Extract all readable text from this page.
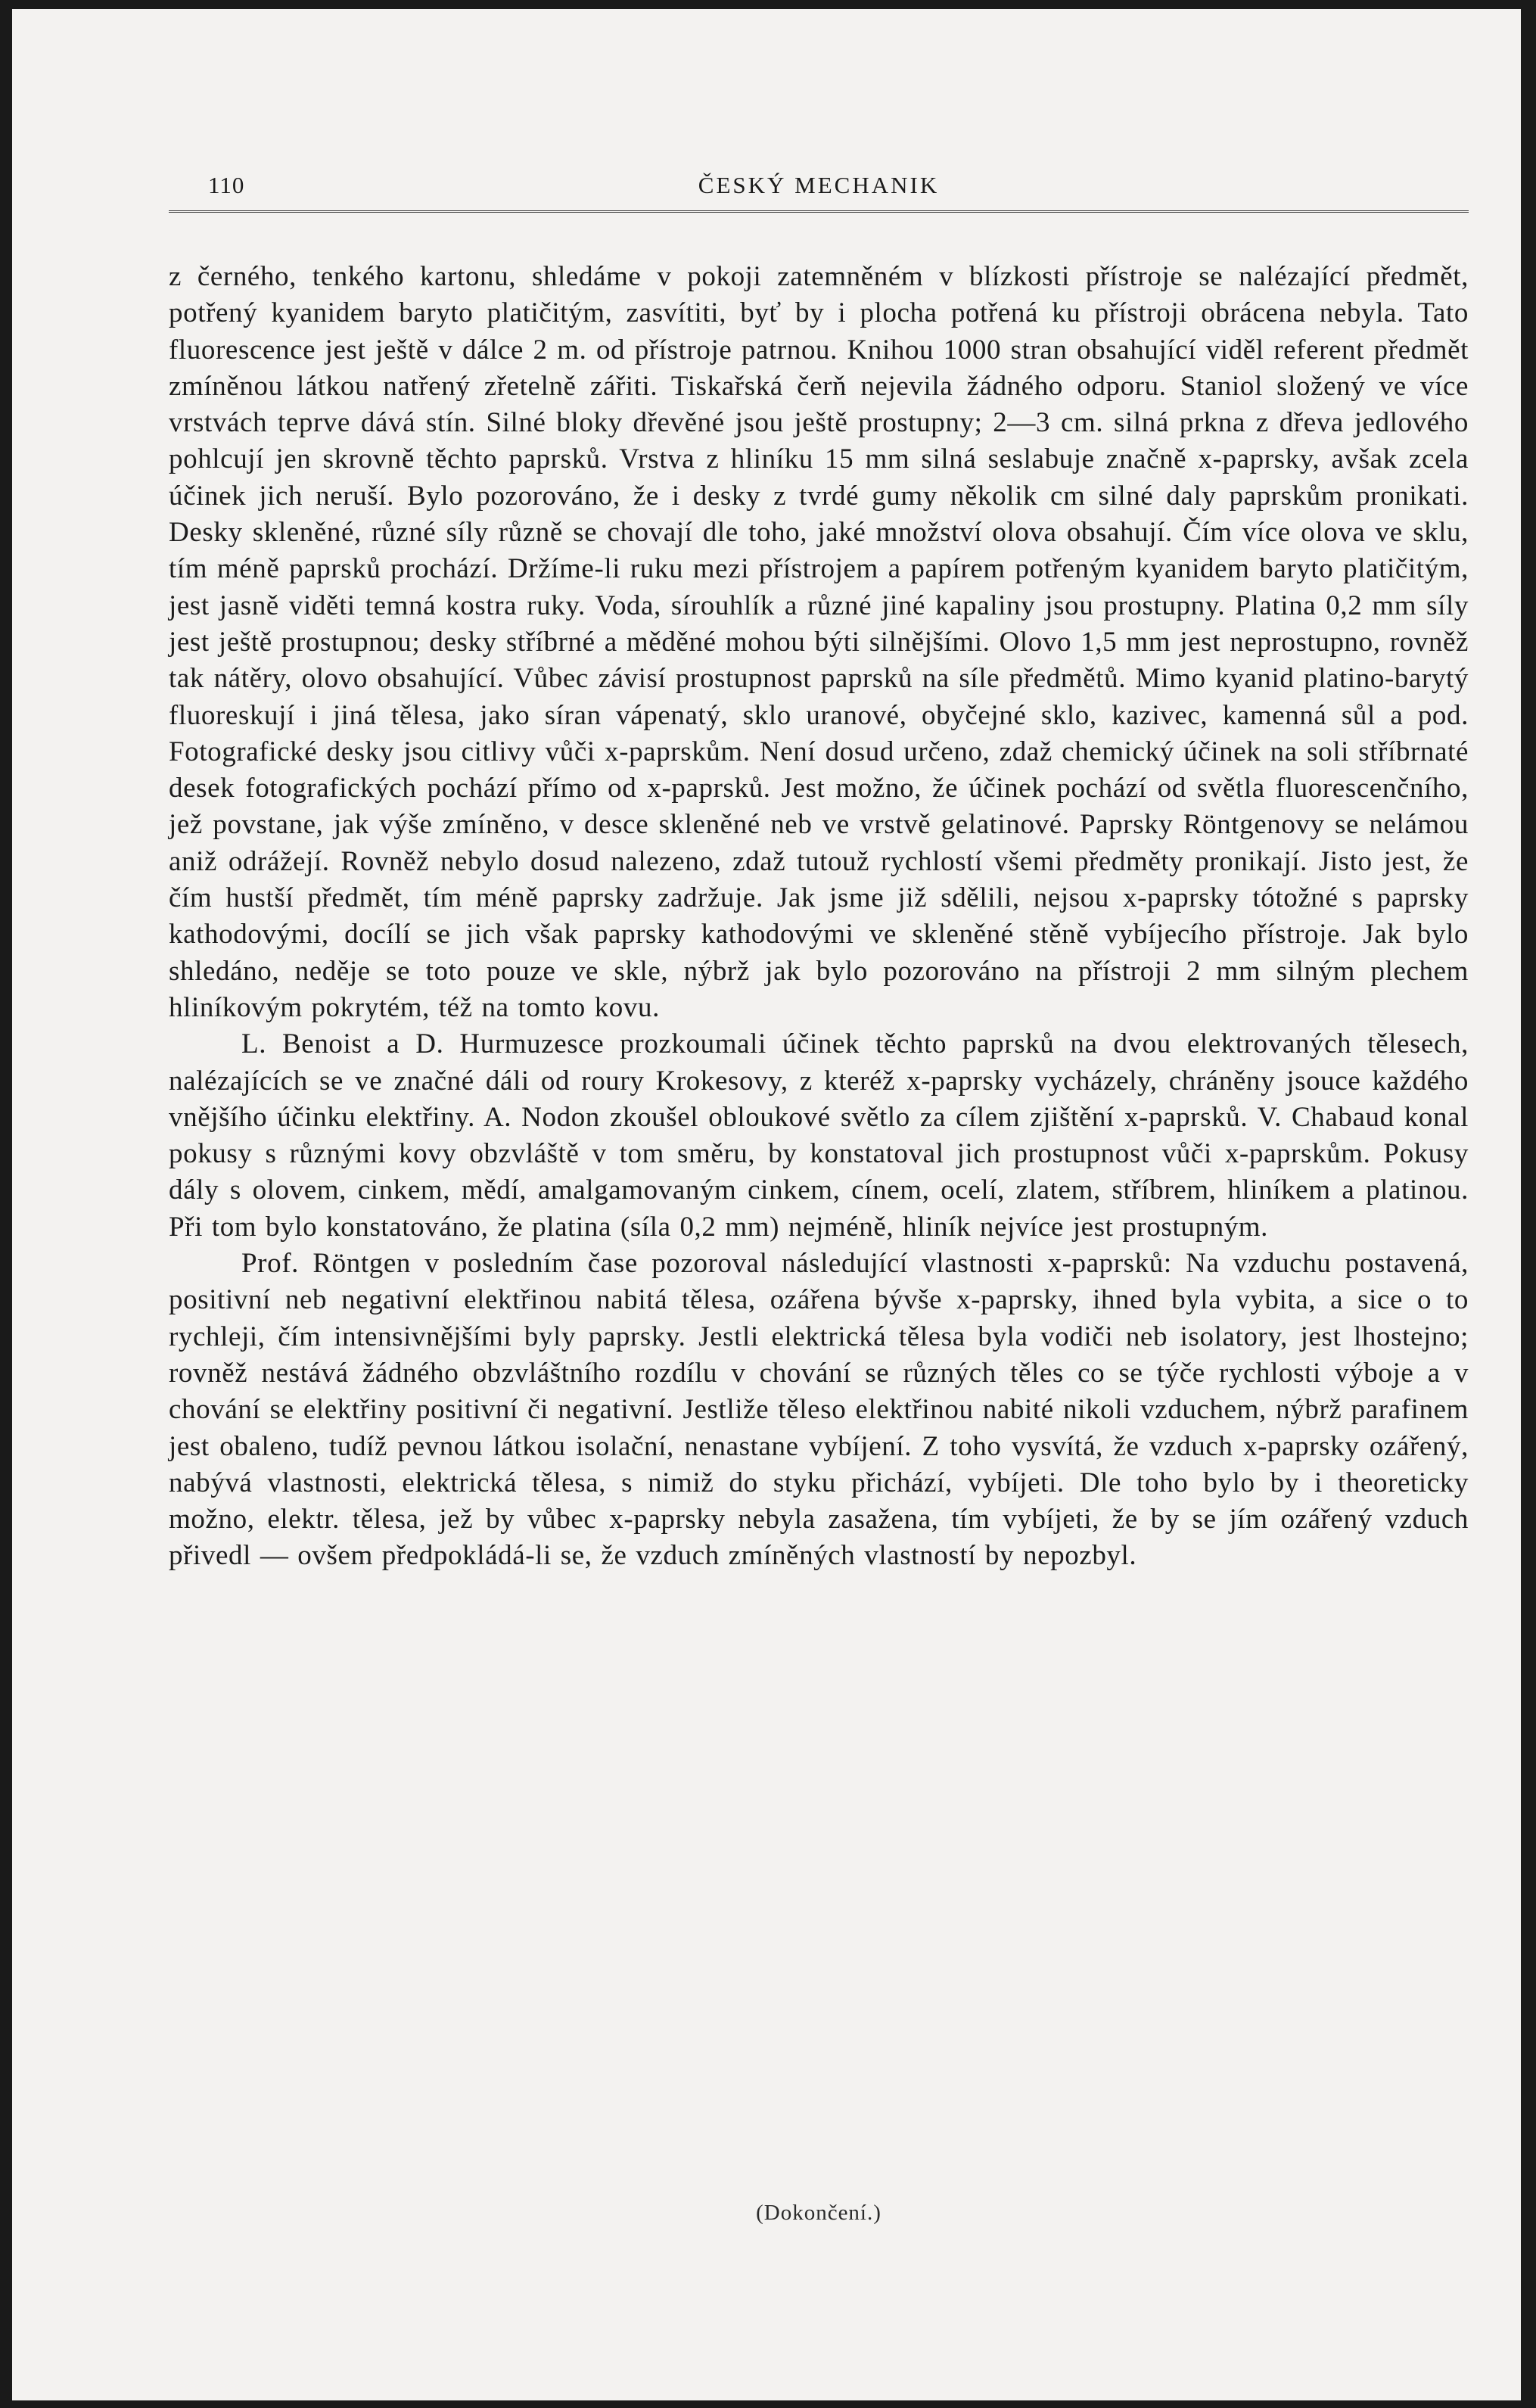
110	ČESKÝ MECHANIK

z černého, tenkého kartonu, shledáme v pokoji zatemněném v blízkosti přístroje se nalézající předmět, potřený kyanidem baryto platičitým, zasvítiti, byť by i plocha potřená ku přístroji obrácena nebyla. Tato fluorescence jest ještě v dálce 2 m. od přístroje patrnou. Knihou 1000 stran obsahující viděl referent předmět zmíněnou látkou natřený zřetelně zářiti. Tiskařská čerň nejevila žádného odporu. Staniol složený ve více vrstvách teprve dává stín. Silné bloky dřevěné jsou ještě prostupny; 2—3 cm. silná prkna z dřeva jedlového pohlcují jen skrovně těchto paprsků. Vrstva z hliníku 15 mm silná seslabuje značně x-paprsky, avšak zcela účinek jich neruší. Bylo pozorováno, že i desky z tvrdé gumy několik cm silné daly paprskům pronikati. Desky skleněné, různé síly různě se chovají dle toho, jaké množství olova obsahují. Čím více olova ve sklu, tím méně paprsků prochází. Držíme-li ruku mezi přístrojem a papírem potřeným kyanidem baryto platičitým, jest jasně viděti temná kostra ruky. Voda, sírouhlík a různé jiné kapaliny jsou prostupny. Platina 0,2 mm síly jest ještě prostupnou; desky stříbrné a měděné mohou býti silnějšími. Olovo 1,5 mm jest neprostupno, rovněž tak nátěry, olovo obsahující. Vůbec závisí prostupnost paprsků na síle předmětů. Mimo kyanid platino-barytý fluoreskují i jiná tělesa, jako síran vápenatý, sklo uranové, obyčejné sklo, kazivec, kamenná sůl a pod. Fotografické desky jsou citlivy vůči x-paprskům. Není dosud určeno, zdaž chemický účinek na soli stříbrnaté desek fotografických pochází přímo od x-paprsků. Jest možno, že účinek pochází od světla fluorescenčního, jež povstane, jak výše zmíněno, v desce skleněné neb ve vrstvě gelatinové. Paprsky Röntgenovy se nelámou aniž odrážejí. Rovněž nebylo dosud nalezeno, zdaž tutouž rychlostí všemi předměty pronikají. Jisto jest, že čím hustší předmět, tím méně paprsky zadržuje. Jak jsme již sdělili, nejsou x-paprsky tótožné s paprsky kathodovými, docílí se jich však paprsky kathodovými ve skleněné stěně vybíjecího přístroje. Jak bylo shledáno, neděje se toto pouze ve skle, nýbrž jak bylo pozorováno na přístroji 2 mm silným plechem hliníkovým pokrytém, též na tomto kovu.

L. Benoist a D. Hurmuzesce prozkoumali účinek těchto paprsků na dvou elektrovaných tělesech, nalézajících se ve značné dáli od roury Krokesovy, z kteréž x-paprsky vycházely, chráněny jsouce každého vnějšího účinku elektřiny. A. Nodon zkoušel obloukové světlo za cílem zjištění x-paprsků. V. Chabaud konal pokusy s různými kovy obzvláště v tom směru, by konstatoval jich prostupnost vůči x-paprskům. Pokusy dály s olovem, cinkem, mědí, amalgamovaným cinkem, cínem, ocelí, zlatem, stříbrem, hliníkem a platinou. Při tom bylo konstatováno, že platina (síla 0,2 mm) nejméně, hliník nejvíce jest prostupným.

Prof. Röntgen v posledním čase pozoroval následující vlastnosti x-paprsků: Na vzduchu postavená, positivní neb negativní elektřinou nabitá tělesa, ozářena bývše x-paprsky, ihned byla vybita, a sice o to rychleji, čím intensivnějšími byly paprsky. Jestli elektrická tělesa byla vodiči neb isolatory, jest lhostejno; rovněž nestává žádného obzvláštního rozdílu v chování se různých těles co se týče rychlosti výboje a v chování se elektřiny positivní či negativní. Jestliže těleso elektřinou nabité nikoli vzduchem, nýbrž parafinem jest obaleno, tudíž pevnou látkou isolační, nenastane vybíjení. Z toho vysvítá, že vzduch x-paprsky ozářený, nabývá vlastnosti, elektrická tělesa, s nimiž do styku přichází, vybíjeti. Dle toho bylo by i theoreticky možno, elektr. tělesa, jež by vůbec x-paprsky nebyla zasažena, tím vybíjeti, že by se jím ozářený vzduch přivedl — ovšem předpokládá-li se, že vzduch zmíněných vlastností by nepozbyl.

(Dokončení.)
